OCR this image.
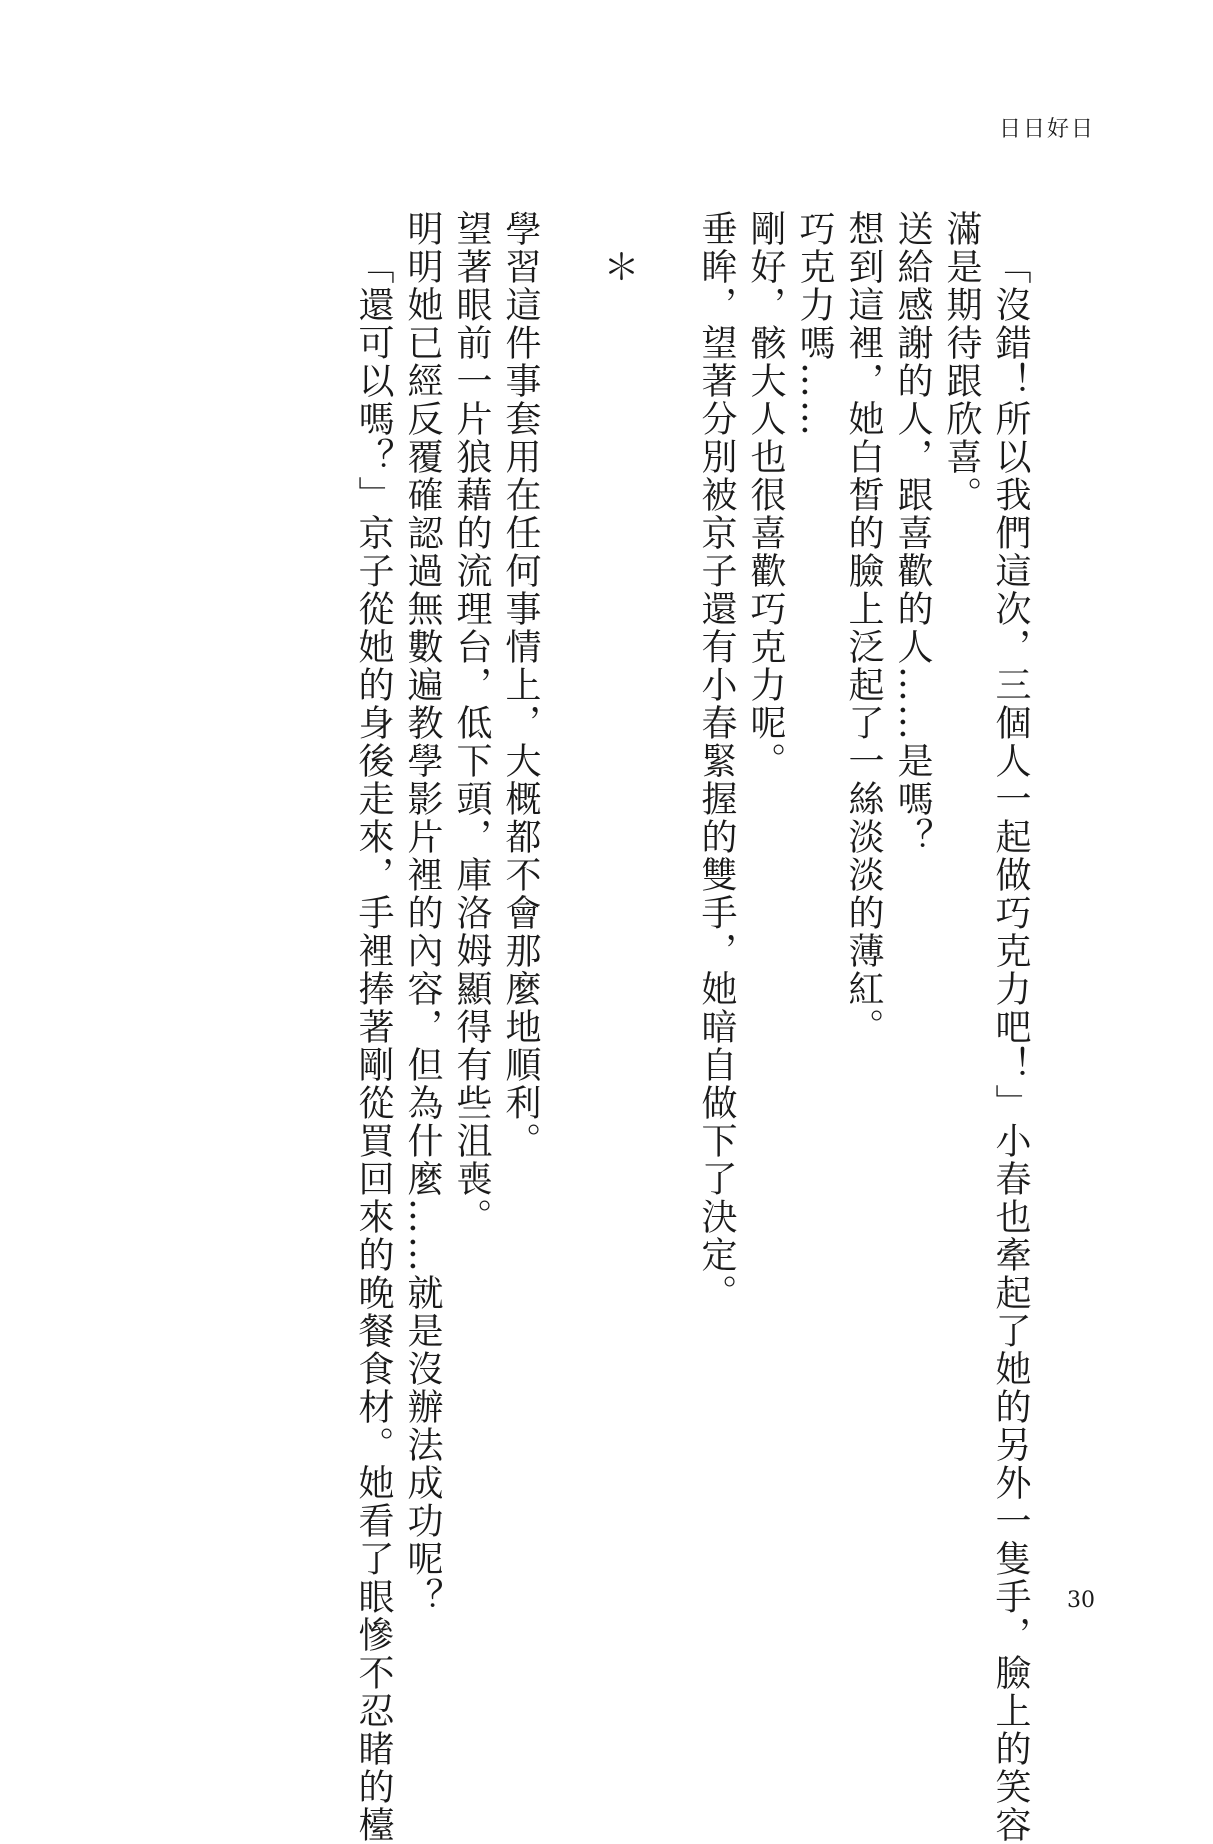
日日好日

「沒錯！所以我們這次，三個人一起做巧克力吧！」小春也牽起了她的另外一隻手，臉上的笑容

滿是期待跟欣喜。

送給感謝的人，跟喜歡的人……是嗎？

想到這裡，她白皙的臉上泛起了一絲淡淡的薄紅。

巧克力嗎……

剛好，骸大人也很喜歡巧克力呢。

垂眸，望著分別被京子還有小春緊握的雙手，她暗自做下了決定。

＊

學習這件事套用在任何事情上，大概都不會那麼地順利。

望著眼前一片狼藉的流理台，低下頭，庫洛姆顯得有些沮喪。

明明她已經反覆確認過無數遍教學影片裡的內容，但為什麼……就是沒辦法成功呢？

「還可以嗎？」京子從她的身後走來，手裡捧著剛從買回來的晚餐食材。她看了眼慘不忍睹的檯	30
